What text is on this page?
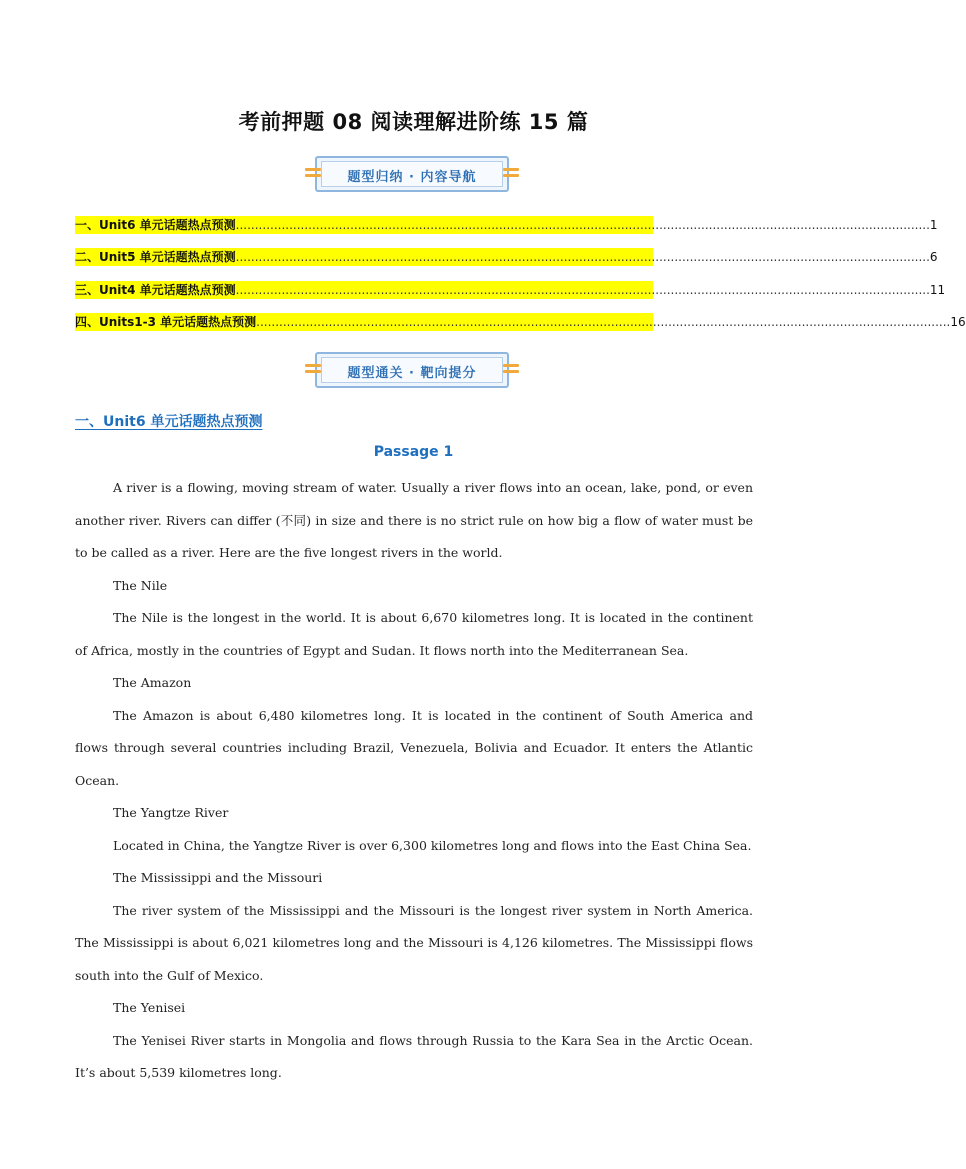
考前押题 08 阅读理解进阶练 15 篇
题型归纳 · 内容导航
一、Unit6 单元话题热点预测 ...................................................................................................................................................................................... 1
二、Unit5 单元话题热点预测 ...................................................................................................................................................................................... 6
三、Unit4 单元话题热点预测 ...................................................................................................................................................................................... 11
四、Units1-3 单元话题热点预测 ...................................................................................................................................................................................... 16
题型通关 · 靶向提分
一、Unit6 单元话题热点预测
Passage 1

A river is a flowing, moving stream of water. Usually a river flows into an ocean, lake, pond, or even another river. Rivers can differ (不同) in size and there is no strict rule on how big a flow of water must be to be called as a river. Here are the five longest rivers in the world.

The Nile

The Nile is the longest in the world. It is about 6,670 kilometres long. It is located in the continent of Africa, mostly in the countries of Egypt and Sudan. It flows north into the Mediterranean Sea.

The Amazon

The Amazon is about 6,480 kilometres long. It is located in the continent of South America and flows through several countries including Brazil, Venezuela, Bolivia and Ecuador. It enters the Atlantic Ocean.

The Yangtze River

Located in China, the Yangtze River is over 6,300 kilometres long and flows into the East China Sea.

The Mississippi and the Missouri

The river system of the Mississippi and the Missouri is the longest river system in North America. The Mississippi is about 6,021 kilometres long and the Missouri is 4,126 kilometres. The Mississippi flows south into the Gulf of Mexico.

The Yenisei

The Yenisei River starts in Mongolia and flows through Russia to the Kara Sea in the Arctic Ocean. It’s about 5,539 kilometres long.
